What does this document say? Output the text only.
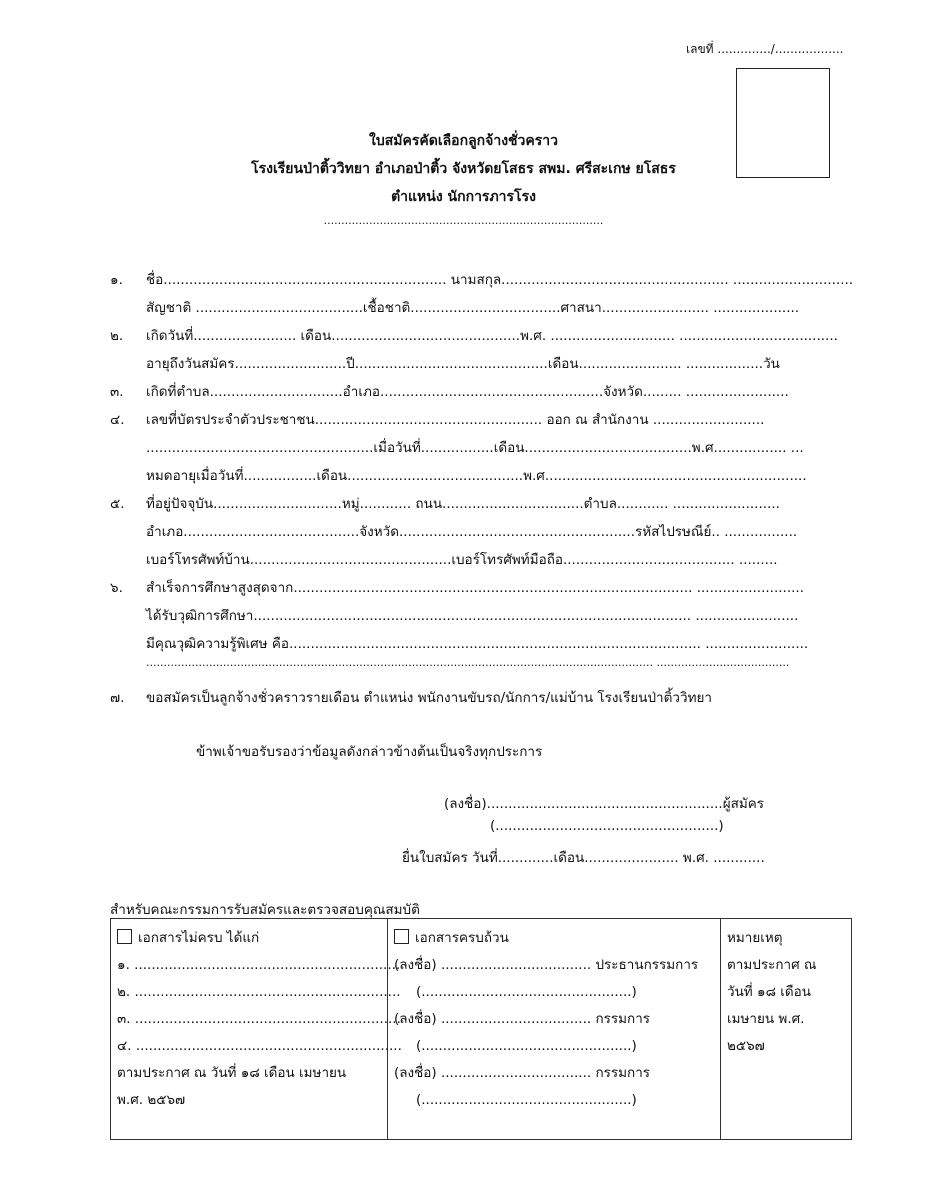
เลขที่ ............../..................
ใบสมัครคัดเลือกลูกจ้างชั่วคราว
โรงเรียนป่าติ้ววิทยา อำเภอป่าติ้ว จังหวัดยโสธร สพม. ศรีสะเกษ ยโสธร
ตำแหน่ง นักการภารโรง
................................................................................
๑. ชื่อ.................................................................. นามสกุล..................................................... ............................
สัญชาติ .......................................เชื้อชาติ...................................ศาสนา......................... ....................
๒. เกิดวันที่........................ เดือน............................................พ.ศ. ............................. .....................................
อายุถึงวันสมัคร..........................ปี.............................................เดือน........................ ..................วัน
๓. เกิดที่ตำบล...............................อำเภอ....................................................จังหวัด......... ........................
๔. เลขที่บัตรประจำตัวประชาชน..................................................... ออก ณ สำนักงาน ..........................
.....................................................เมื่อวันที่.................เดือน.......................................พ.ศ................. ...
หมดอายุเมื่อวันที่.................เดือน.........................................พ.ศ.............................................................
๕. ที่อยู่ปัจจุบัน..............................หมู่............ ถนน.................................ตำบล............ .........................
อำเภอ.........................................จังหวัด.......................................................รหัสไปรษณีย์.. .................
เบอร์โทรศัพท์บ้าน...............................................เบอร์โทรศัพท์มือถือ........................................ .........
๖. สำเร็จการศึกษาสูงสุดจาก............................................................................................. .........................
ได้รับวุฒิการศึกษา...................................................................................................... ........................
มีคุณวุฒิความรู้พิเศษ คือ................................................................................................ ........................
................................................................................................................................................. ......................................
๗. ขอสมัครเป็นลูกจ้างชั่วคราวรายเดือน ตำแหน่ง พนักงานขับรถ/นักการ/แม่บ้าน โรงเรียนป่าติ้ววิทยา
ข้าพเจ้าขอรับรองว่าข้อมูลดังกล่าวข้างต้นเป็นจริงทุกประการ
(ลงชื่อ).......................................................ผู้สมัคร
(....................................................)
ยื่นใบสมัคร วันที่.............เดือน...................... พ.ศ. ............
สำหรับคณะกรรมการรับสมัครและตรวจสอบคุณสมบัติ
เอกสารไม่ครบ ได้แก่
๑. ..............................................................
๒. ..............................................................
๓. ..............................................................
๔. ..............................................................
ตามประกาศ ณ วันที่ ๑๘ เดือน เมษายน
พ.ศ. ๒๕๖๗

เอกสารครบถ้วน
(ลงชื่อ) ................................... ประธานกรรมการ
(.................................................)
(ลงชื่อ) ................................... กรรมการ
(.................................................)
(ลงชื่อ) ................................... กรรมการ
(.................................................)

หมายเหตุ
ตามประกาศ ณ
วันที่ ๑๘ เดือน
เมษายน พ.ศ.
๒๕๖๗
